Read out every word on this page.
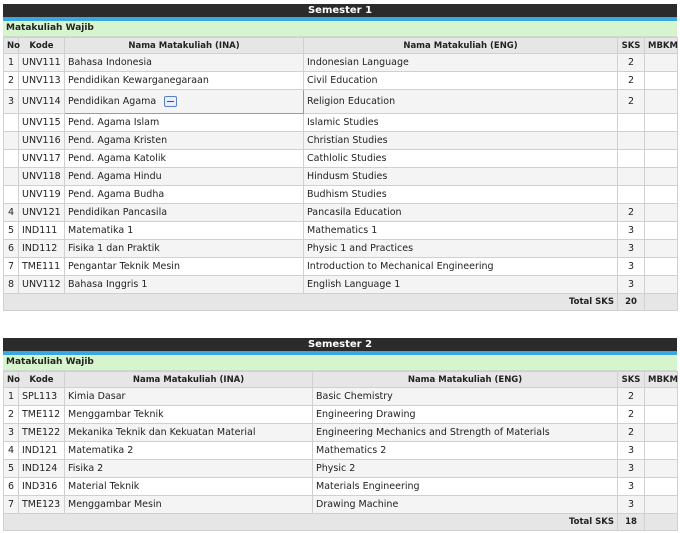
Semester 1
Matakuliah Wajib
No	Kode	Nama Matakuliah (INA)	Nama Matakuliah (ENG)	SKS	MBKM
1	UNV111	Bahasa Indonesia	Indonesian Language	2	
2	UNV113	Pendidikan Kewarganegaraan	Civil Education	2	
3	UNV114	Pendidikan Agama	Religion Education	2	
	UNV115	Pend. Agama Islam	Islamic Studies		
	UNV116	Pend. Agama Kristen	Christian Studies		
	UNV117	Pend. Agama Katolik	Cathlolic Studies		
	UNV118	Pend. Agama Hindu	Hindusm Studies		
	UNV119	Pend. Agama Budha	Budhism Studies		
4	UNV121	Pendidikan Pancasila	Pancasila Education	2	
5	IND111	Matematika 1	Mathematics 1	3	
6	IND112	Fisika 1 dan Praktik	Physic 1 and Practices	3	
7	TME111	Pengantar Teknik Mesin	Introduction to Mechanical Engineering	3	
8	UNV112	Bahasa Inggris 1	English Language 1	3	
Total SKS				20	
Semester 2
Matakuliah Wajib
No	Kode	Nama Matakuliah (INA)	Nama Matakuliah (ENG)	SKS	MBKM
1	SPL113	Kimia Dasar	Basic Chemistry	2	
2	TME112	Menggambar Teknik	Engineering Drawing	2	
3	TME122	Mekanika Teknik dan Kekuatan Material	Engineering Mechanics and Strength of Materials	2	
4	IND121	Matematika 2	Mathematics 2	3	
5	IND124	Fisika 2	Physic 2	3	
6	IND316	Material Teknik	Materials Engineering	3	
7	TME123	Menggambar Mesin	Drawing Machine	3	
Total SKS				18	
